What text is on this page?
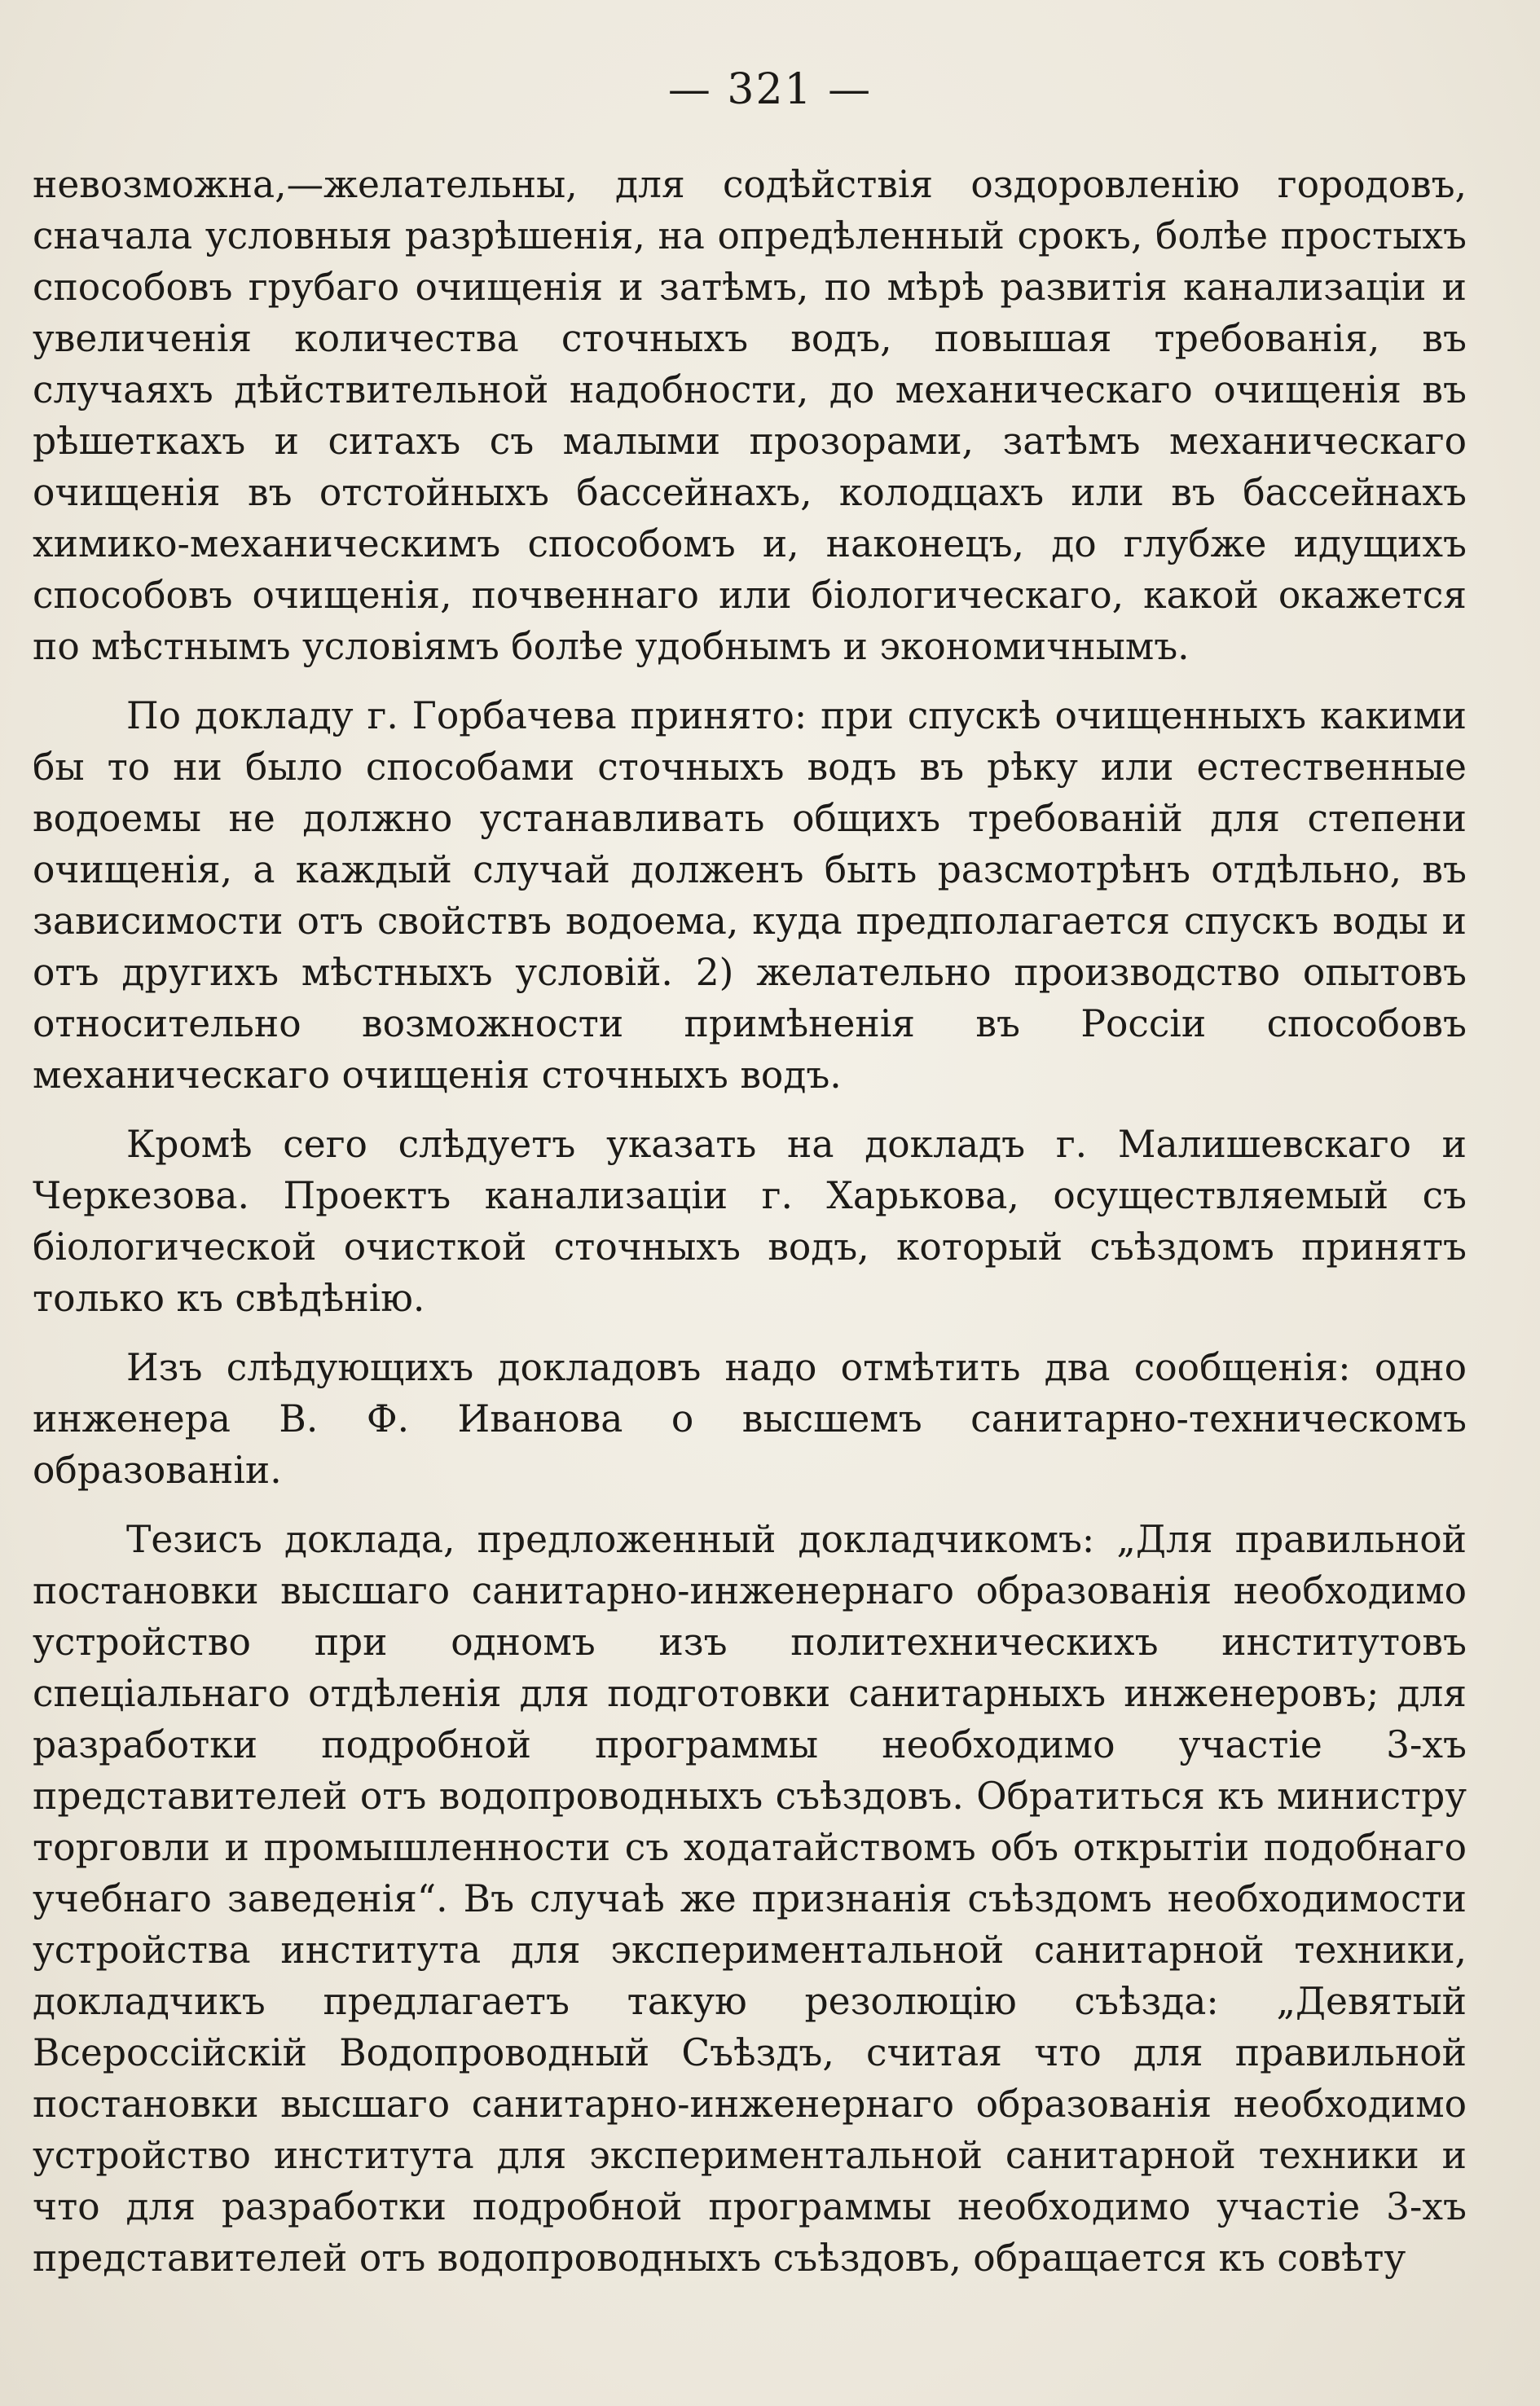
— 321 —

невозможна,—желательны, для содѣйствія оздоровленію городовъ, сначала условныя разрѣшенія, на опредѣленный срокъ, болѣе простыхъ способовъ грубаго очищенія и затѣмъ, по мѣрѣ развитія канализаціи и увеличенія количества сточныхъ водъ, повышая требованія, въ случаяхъ дѣйствительной надобности, до механическаго очищенія въ рѣшеткахъ и ситахъ съ малыми прозорами, затѣмъ механическаго очищенія въ отстойныхъ бассейнахъ, колодцахъ или въ бассейнахъ химико-механическимъ способомъ и, наконецъ, до глубже идущихъ способовъ очищенія, почвеннаго или біологическаго, какой окажется по мѣстнымъ условіямъ болѣе удобнымъ и экономичнымъ.

По докладу г. Горбачева принято: при спускѣ очищенныхъ какими бы то ни было способами сточныхъ водъ въ рѣку или естественные водоемы не должно устанавливать общихъ требованій для степени очищенія, а каждый случай долженъ быть разсмотрѣнъ отдѣльно, въ зависимости отъ свойствъ водоема, куда предполагается спускъ воды и отъ другихъ мѣстныхъ условій. 2) желательно производство опытовъ относительно возможности примѣненія въ Россіи способовъ механическаго очищенія сточныхъ водъ.

Кромѣ сего слѣдуетъ указать на докладъ г. Малишевскаго и Черкезова. Проектъ канализаціи г. Харькова, осуществляемый съ біологической очисткой сточныхъ водъ, который съѣздомъ принятъ только къ свѣдѣнію.

Изъ слѣдующихъ докладовъ надо отмѣтить два сообщенія: одно инженера В. Ф. Иванова о высшемъ санитарно-техническомъ образованіи.

Тезисъ доклада, предложенный докладчикомъ: „Для правильной постановки высшаго санитарно-инженернаго образованія необходимо устройство при одномъ изъ политехническихъ институтовъ спеціальнаго отдѣленія для подготовки санитарныхъ инженеровъ; для разработки подробной программы необходимо участіе 3-хъ представителей отъ водопроводныхъ съѣздовъ. Обратиться къ министру торговли и промышленности съ ходатайствомъ объ открытіи подобнаго учебнаго заведенія“. Въ случаѣ же признанія съѣздомъ необходимости устройства института для экспериментальной санитарной техники, докладчикъ предлагаетъ такую резолюцію съѣзда: „Девятый Всероссійскій Водопроводный Съѣздъ, считая что для правильной постановки высшаго санитарно-инженернаго образованія необходимо устройство института для экспериментальной санитарной техники и что для разработки подробной программы необходимо участіе 3-хъ представителей отъ водопроводныхъ съѣздовъ, обращается къ совѣту
